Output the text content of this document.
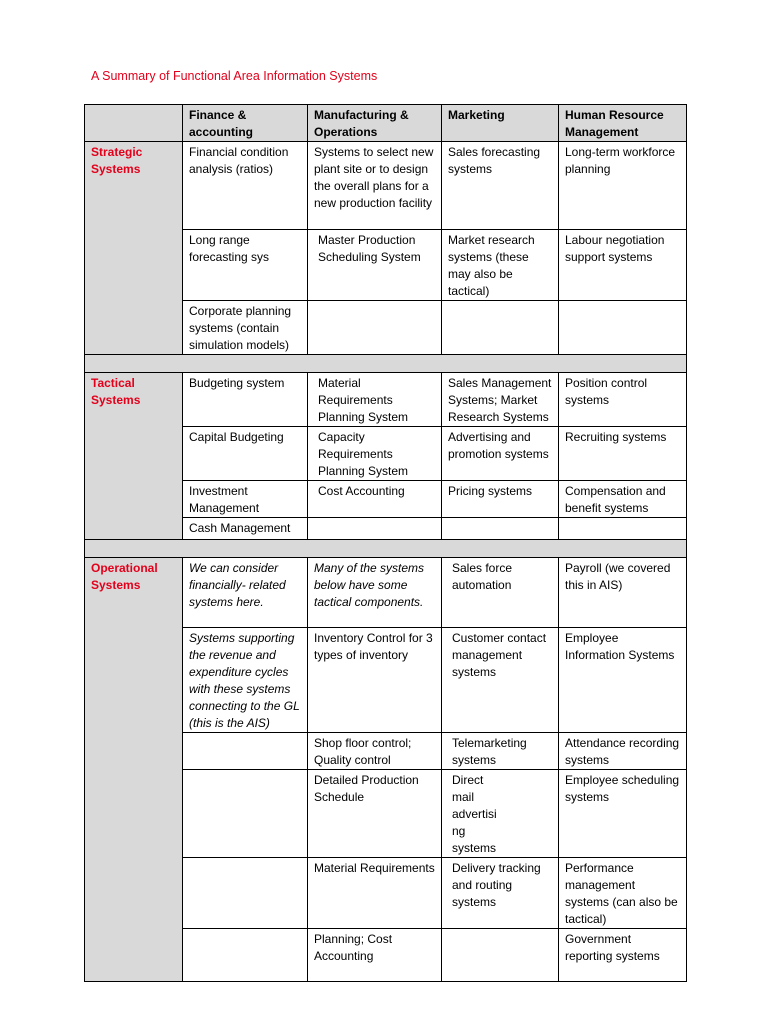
A Summary of Functional Area Information Systems
	Finance & accounting	Manufacturing & Operations	Marketing	Human Resource Management
Strategic Systems	Financial condition analysis (ratios)	Systems to select new plant site or to design the overall plans for a new production facility	Sales forecasting systems	Long-term workforce planning
	Long range forecasting sys	Master Production Scheduling System	Market research systems (these may also be tactical)	Labour negotiation support systems
	Corporate planning systems (contain simulation models)			

Tactical Systems	Budgeting system	Material Requirements Planning System	Sales Management Systems; Market Research Systems	Position control systems
	Capital Budgeting	Capacity Requirements Planning System	Advertising and promotion systems	Recruiting systems
	Investment Management	Cost Accounting	Pricing systems	Compensation and benefit systems
	Cash Management			

Operational Systems	We can consider financially- related systems here.	Many of the systems below have some tactical components.	Sales force automation	Payroll (we covered this in AIS)
	Systems supporting the revenue and expenditure cycles with these systems connecting to the GL (this is the AIS)	Inventory Control for 3 types of inventory	Customer contact management systems	Employee Information Systems
		Shop floor control; Quality control	Telemarketing systems	Attendance recording systems
		Detailed Production Schedule	Direct mail advertising systems	Employee scheduling systems
		Material Requirements	Delivery tracking and routing systems	Performance management systems (can also be tactical)
		Planning; Cost Accounting		Government reporting systems
